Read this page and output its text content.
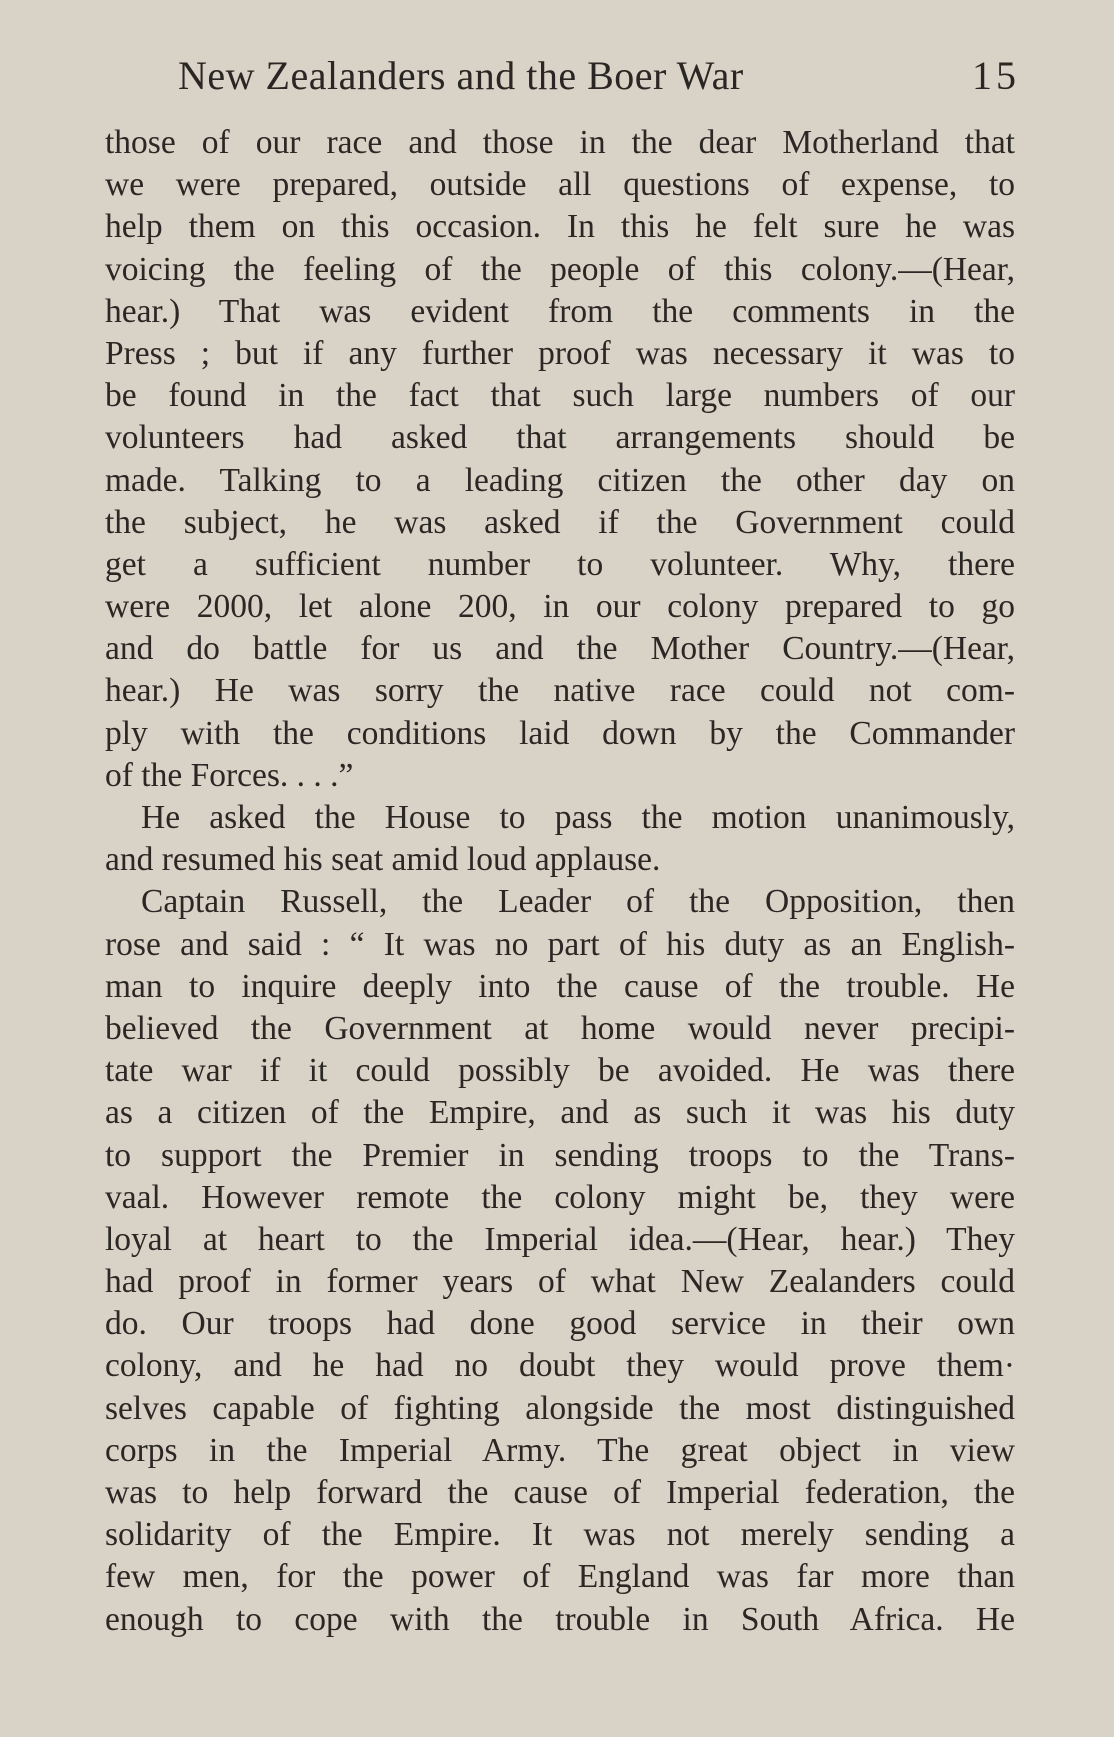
New Zealanders and the Boer War	15
those of our race and those in the dear Motherland that
we were prepared, outside all questions of expense, to
help them on this occasion. In this he felt sure he was
voicing the feeling of the people of this colony.—(Hear,
hear.) That was evident from the comments in the
Press ; but if any further proof was necessary it was to
be found in the fact that such large numbers of our
volunteers had asked that arrangements should be
made. Talking to a leading citizen the other day on
the subject, he was asked if the Government could
get a sufficient number to volunteer. Why, there
were 2000, let alone 200, in our colony prepared to go
and do battle for us and the Mother Country.—(Hear,
hear.) He was sorry the native race could not com-
ply with the conditions laid down by the Commander
of the Forces. . . .”
He asked the House to pass the motion unanimously,
and resumed his seat amid loud applause.
Captain Russell, the Leader of the Opposition, then
rose and said : “ It was no part of his duty as an English-
man to inquire deeply into the cause of the trouble. He
believed the Government at home would never precipi-
tate war if it could possibly be avoided. He was there
as a citizen of the Empire, and as such it was his duty
to support the Premier in sending troops to the Trans-
vaal. However remote the colony might be, they were
loyal at heart to the Imperial idea.—(Hear, hear.) They
had proof in former years of what New Zealanders could
do. Our troops had done good service in their own
colony, and he had no doubt they would prove them·
selves capable of fighting alongside the most distinguished
corps in the Imperial Army. The great object in view
was to help forward the cause of Imperial federation, the
solidarity of the Empire. It was not merely sending a
few men, for the power of England was far more than
enough to cope with the trouble in South Africa. He
